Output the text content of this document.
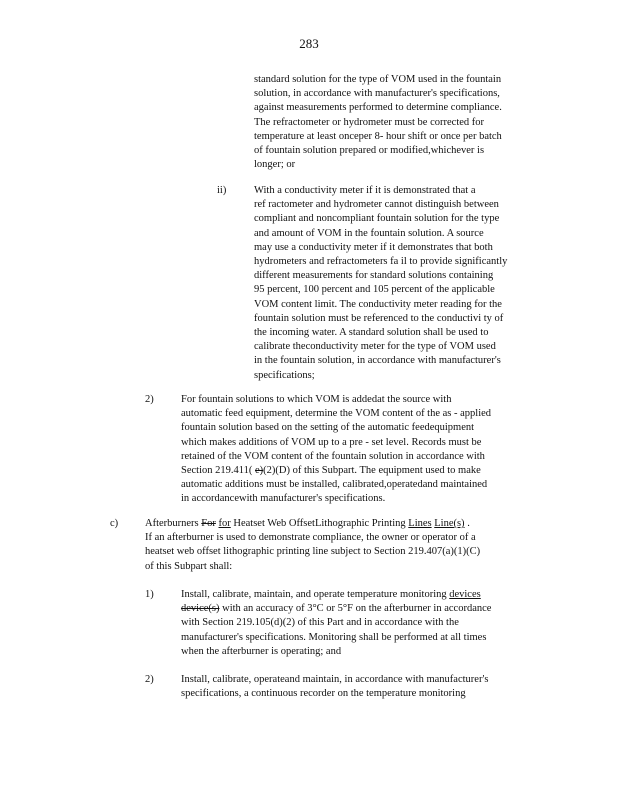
283
standard solution for the type of VOM used in the fountain
solution, in accordance with manufacturer's specifications,
against measurements performed to determine compliance.
The refractometer or hydrometer must be corrected for
temperature at least onceper 8- hour shift or once per batch
of fountain solution prepared or modified,whichever is
longer; or
ii)	With a conductivity meter if it is demonstrated that a
ref ractometer and hydrometer cannot distinguish between
compliant and noncompliant fountain solution for the type
and amount of VOM in the fountain solution. A source
may use a conductivity meter if it demonstrates that both
hydrometers and refractometers fa il to provide significantly
different measurements for standard solutions containing
95 percent, 100 percent and 105 percent of the applicable
VOM content limit. The conductivity meter reading for the
fountain solution must be referenced to the conductivi ty of
the incoming water. A standard solution shall be used to
calibrate theconductivity meter for the type of VOM used
in the fountain solution, in accordance with manufacturer's
specifications;
2)	For fountain solutions to which VOM is addedat the source with
automatic feed equipment, determine the VOM content of the as - applied
fountain solution based on the setting of the automatic feedequipment
which makes additions of VOM up to a pre - set level. Records must be
retained of the VOM content of the fountain solution in accordance with
Section 219.411( e)(2)(D) of this Subpart. The equipment used to make
automatic additions must be installed, calibrated,operatedand maintained
in accordancewith manufacturer's specifications.
c)	Afterburners For for Heatset Web OffsetLithographic Printing Lines Line(s) .
If an afterburner is used to demonstrate compliance, the owner or operator of a
heatset web offset lithographic printing line subject to Section 219.407(a)(1)(C)
of this Subpart shall:
1)	Install, calibrate, maintain, and operate temperature monitoring devices
device(s) with an accuracy of 3°C or 5°F on the afterburner in accordance
with Section 219.105(d)(2) of this Part and in accordance with the
manufacturer's specifications. Monitoring shall be performed at all times
when the afterburner is operating; and
2)	Install, calibrate, operateand maintain, in accordance with manufacturer's
specifications, a continuous recorder on the temperature monitoring
